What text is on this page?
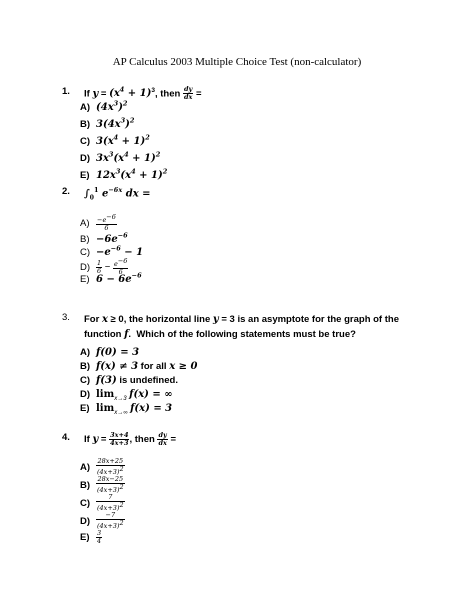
AP Calculus 2003 Multiple Choice Test (non-calculator)
1. If $y = (x^4 + 1)^3$, then $\frac{dy}{dx}$ =
A) $(4x^3)^2$
B) $3(4x^3)^2$
C) $3(x^4 + 1)^2$
D) $3x^3(x^4 + 1)^2$
E) $12x^3(x^4 + 1)^2$
2. $\int_0^1$ $e^{-6x}$ dx =
$A) \frac{-e^{-6}}{6}$
$B) -6e^{-6}$
$C) -e^{-6} - 1$
$D) \frac{1}{6} - \frac{e^{-6}}{6}$
E) $6 - 6e^{-6}$
3. For x ≥ 0, the horizontal line y = 3 is an asymptote for the graph of the function f.  Which of the following statements must be true?
A) f(0) = 3
B) f(x) ≠ 3 for all x ≥ 0
C) f(3) is undefined.
D) $\lim_{x\to 3} f(x)$ = ∞
E) $\lim_{x\to\infty} f(x) = 3$
4. If $y = \frac{3x+4}{4x+3}$ , then $\frac{dy}{dx}$ =
$A) \frac{28x+25}{(4x+3)^2}$
$B) \frac{28x-25}{(4x+3)^2}$
$C) \frac{7}{(4x+3)^2}$
$D) \frac{-7}{(4x+3)^2}$
$E) \frac{3}{4}$
